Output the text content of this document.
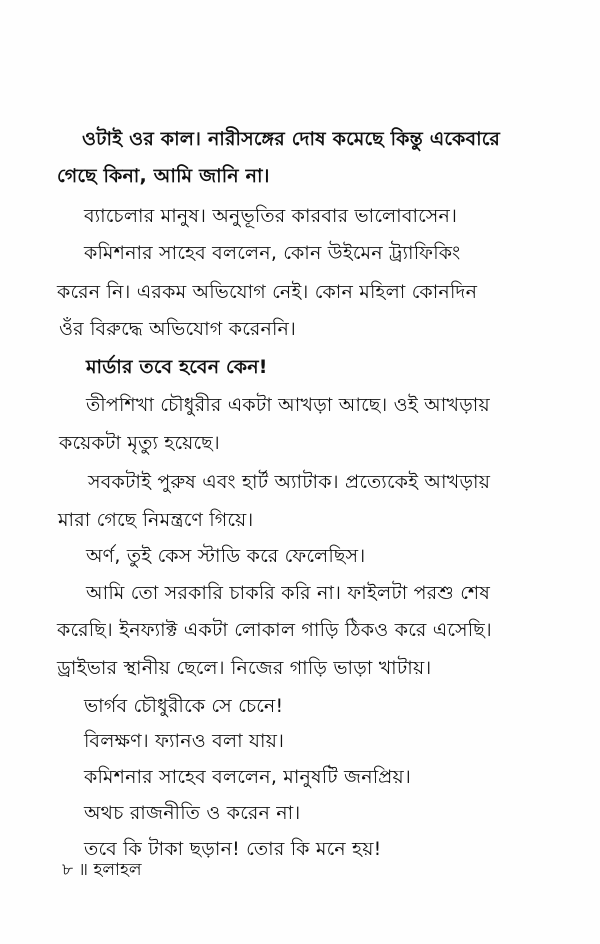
ওটাই ওর কাল। নারীসঙ্গের দোষ কমেছে কিন্তু একেবারে
গেছে কিনা, আমি জানি না।
ব্যাচেলার মানুষ। অনুভূতির কারবার ভালোবাসেন।
কমিশনার সাহেব বললেন, কোন উইমেন ট্র্যাফিকিং
করেন নি। এরকম অভিযোগ নেই। কোন মহিলা কোনদিন
ওঁর বিরুদ্ধে অভিযোগ করেননি।
মার্ডার তবে হবেন কেন!
তীপশিখা চৌধুরীর একটা আখড়া আছে। ওই আখড়ায়
কয়েকটা মৃত্যু হয়েছে।
সবকটাই পুরুষ এবং হার্ট অ্যাটাক। প্রত্যেকেই আখড়ায়
মারা গেছে নিমন্ত্রণে গিয়ে।
অর্ণ, তুই কেস স্টাডি করে ফেলেছিস।
আমি তো সরকারি চাকরি করি না। ফাইলটা পরশু শেষ
করেছি। ইনফ্যাক্ট একটা লোকাল গাড়ি ঠিকও করে এসেছি।
ড্রাইভার স্থানীয় ছেলে। নিজের গাড়ি ভাড়া খাটায়।
ভার্গব চৌধুরীকে সে চেনে!
বিলক্ষণ। ফ্যানও বলা যায়।
কমিশনার সাহেব বললেন, মানুষটি জনপ্রিয়।
অথচ রাজনীতি ও করেন না।
তবে কি টাকা ছড়ান! তোর কি মনে হয়!
৮ ॥ হলাহল
